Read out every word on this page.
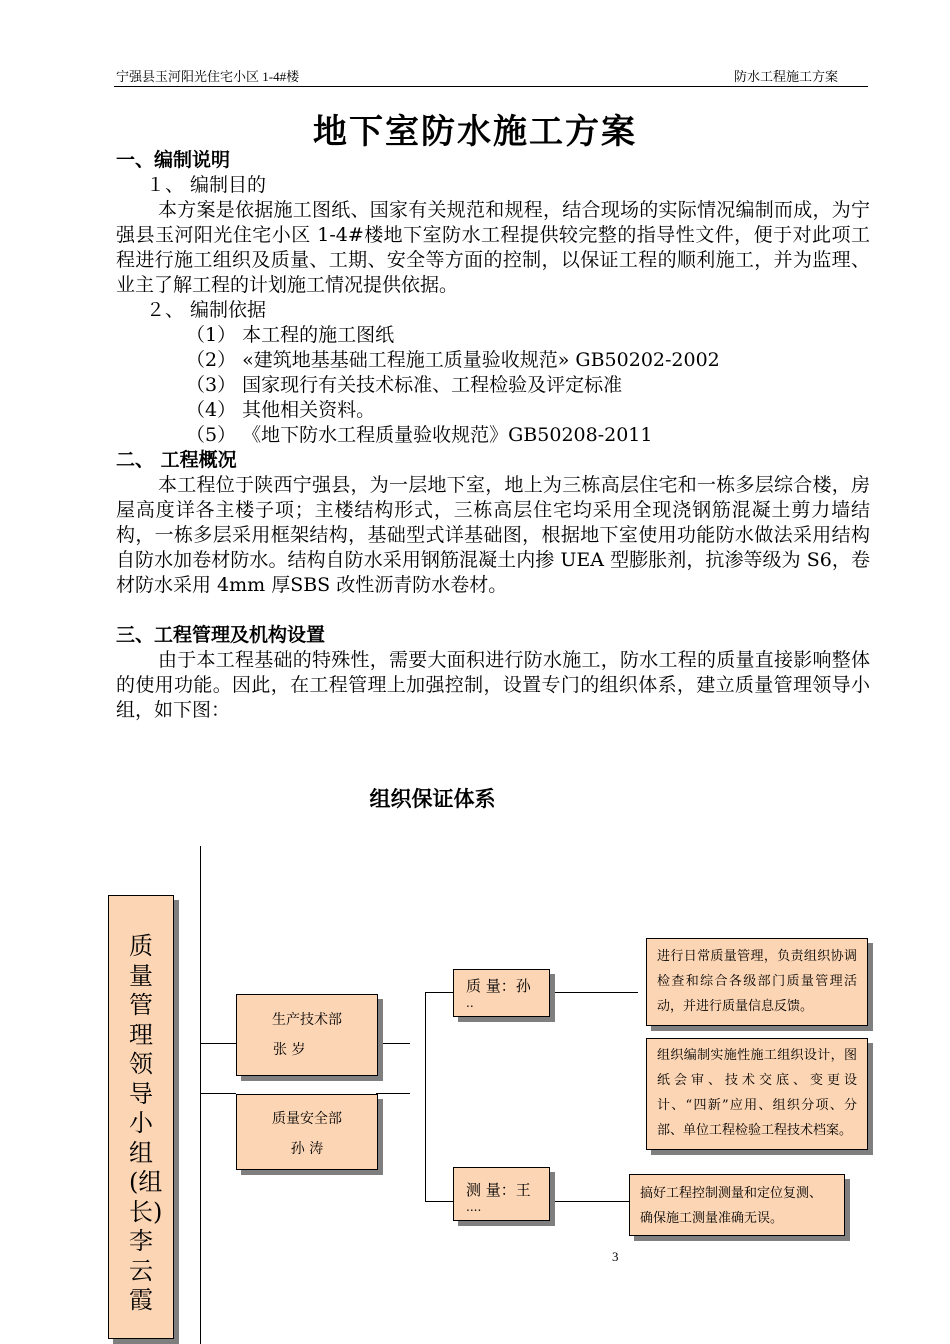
宁强县玉河阳光住宅小区 1-4#楼	防水工程施工方案
地下室防水施工方案
一、编制说明
１、 编制目的
本方案是依据施工图纸、国家有关规范和规程，结合现场的实际情况编制而成，为宁强县玉河阳光住宅小区 1-4#楼地下室防水工程提供较完整的指导性文件，便于对此项工程进行施工组织及质量、工期、安全等方面的控制，以保证工程的顺利施工，并为监理、业主了解工程的计划施工情况提供依据。
２、 编制依据
（1） 本工程的施工图纸
（2） «建筑地基基础工程施工质量验收规范» GB50202-2002
（3） 国家现行有关技术标准、工程检验及评定标准
（4） 其他相关资料。
（5） 《地下防水工程质量验收规范》GB50208-2011
二、 工程概况
本工程位于陕西宁强县，为一层地下室，地上为三栋高层住宅和一栋多层综合楼，房屋高度详各主楼子项；主楼结构形式，三栋高层住宅均采用全现浇钢筋混凝土剪力墙结构，一栋多层采用框架结构，基础型式详基础图，根据地下室使用功能防水做法采用结构自防水加卷材防水。结构自防水采用钢筋混凝土内掺 UEA 型膨胀剂，抗渗等级为 S6，卷材防水采用 4mm 厚SBS 改性沥青防水卷材。
三、工程管理及机构设置
由于本工程基础的特殊性，需要大面积进行防水施工，防水工程的质量直接影响整体的使用功能。因此，在工程管理上加强控制，设置专门的组织体系，建立质量管理领导小组，如下图：
组织保证体系
质量管理领导小组(组长)李云霞
生产技术部
张 岁
质量安全部
孙 涛
质 量：孙
..
测 量：王
....
进行日常质量管理，负责组织协调检查和综合各级部门质量管理活动，并进行质量信息反馈。
组织编制实施性施工组织设计，图纸会审、技术交底、变更设计、“四新”应用、组织分项、分部、单位工程检验工程技术档案。
搞好工程控制测量和定位复测、确保施工测量准确无误。
3
